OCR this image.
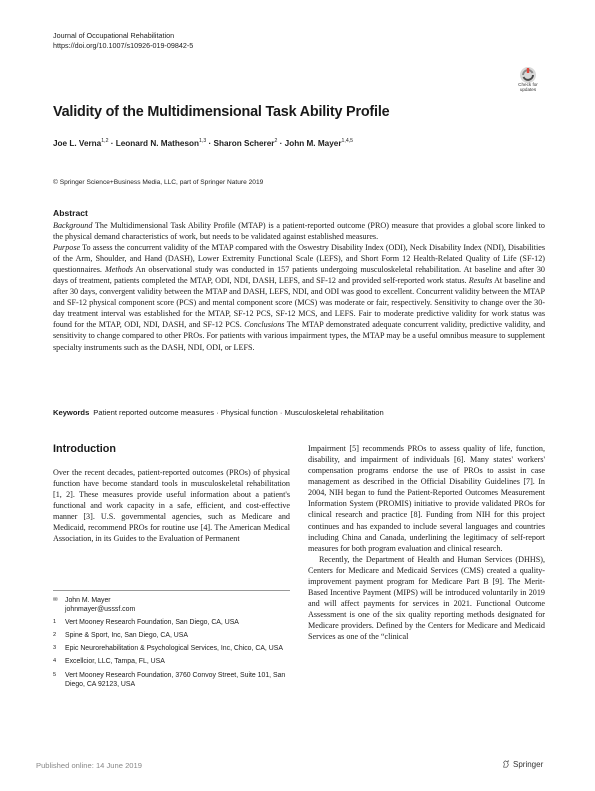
Journal of Occupational Rehabilitation
https://doi.org/10.1007/s10926-019-09842-5
Check for
updates
Validity of the Multidimensional Task Ability Profile
Joe L. Verna$^{1,2}$ · Leonard N. Matheson$^{1,3}$ · Sharon Scherer$^2$ · John M. Mayer$^{1,4,5}$
© Springer Science+Business Media, LLC, part of Springer Nature 2019
Abstract
Background The Multidimensional Task Ability Profile (MTAP) is a patient-reported outcome (PRO) measure that provides a global score linked to the physical demand characteristics of work, but needs to be validated against established measures.
Purpose To assess the concurrent validity of the MTAP compared with the Oswestry Disability Index (ODI), Neck Disability Index (NDI), Disabilities of the Arm, Shoulder, and Hand (DASH), Lower Extremity Functional Scale (LEFS), and Short Form 12 Health-Related Quality of Life (SF-12) questionnaires. Methods An observational study was conducted in 157 patients undergoing musculoskeletal rehabilitation. At baseline and after 30 days of treatment, patients completed the MTAP, ODI, NDI, DASH, LEFS, and SF-12 and provided self-reported work status. Results At baseline and after 30 days, convergent validity between the MTAP and DASH, LEFS, NDI, and ODI was good to excellent. Concurrent validity between the MTAP and SF-12 physical component score (PCS) and mental component score (MCS) was moderate or fair, respectively. Sensitivity to change over the 30-day treatment interval was established for the MTAP, SF-12 PCS, SF-12 MCS, and LEFS. Fair to moderate predictive validity for work status was found for the MTAP, ODI, NDI, DASH, and SF-12 PCS. Conclusions The MTAP demonstrated adequate concurrent validity, predictive validity, and sensitivity to change compared to other PROs. For patients with various impairment types, the MTAP may be a useful omnibus measure to supplement specialty instruments such as the DASH, NDI, ODI, or LEFS.
Keywords Patient reported outcome measures · Physical function · Musculoskeletal rehabilitation
Introduction

Over the recent decades, patient-reported outcomes (PROs) of physical function have become standard tools in musculoskeletal rehabilitation [1, 2]. These measures provide useful information about a patient's functional and work capacity in a safe, efficient, and cost-effective manner [3]. U.S. governmental agencies, such as Medicare and Medicaid, recommend PROs for routine use [4]. The American Medical Association, in its Guides to the Evaluation of Permanent

Impairment [5] recommends PROs to assess quality of life, function, disability, and impairment of individuals [6]. Many states' workers' compensation programs endorse the use of PROs to assist in case management as described in the Official Disability Guidelines [7]. In 2004, NIH began to fund the Patient-Reported Outcomes Measurement Information System (PROMIS) initiative to provide validated PROs for clinical research and practice [8]. Funding from NIH for this project continues and has expanded to include several languages and countries including China and Canada, underlining the legitimacy of self-report measures for both program evaluation and clinical research.

Recently, the Department of Health and Human Services (DHHS), Centers for Medicare and Medicaid Services (CMS) created a quality-improvement payment program for Medicare Part B [9]. The Merit-Based Incentive Payment (MIPS) will be introduced voluntarily in 2019 and will affect payments for services in 2021. Functional Outcome Assessment is one of the six quality reporting methods designated for Medicare providers. Defined by the Centers for Medicare and Medicaid Services as one of the “clinical

✉ John M. Mayer
johnmayer@usssf.com
1 Vert Mooney Research Foundation, San Diego, CA, USA
2 Spine & Sport, Inc, San Diego, CA, USA
3 Epic Neurorehabilitation & Psychological Services, Inc, Chico, CA, USA
4 Excellcior, LLC, Tampa, FL, USA
5 Vert Mooney Research Foundation, 3760 Convoy Street, Suite 101, San Diego, CA 92123, USA
Published online: 14 June 2019	Springer
